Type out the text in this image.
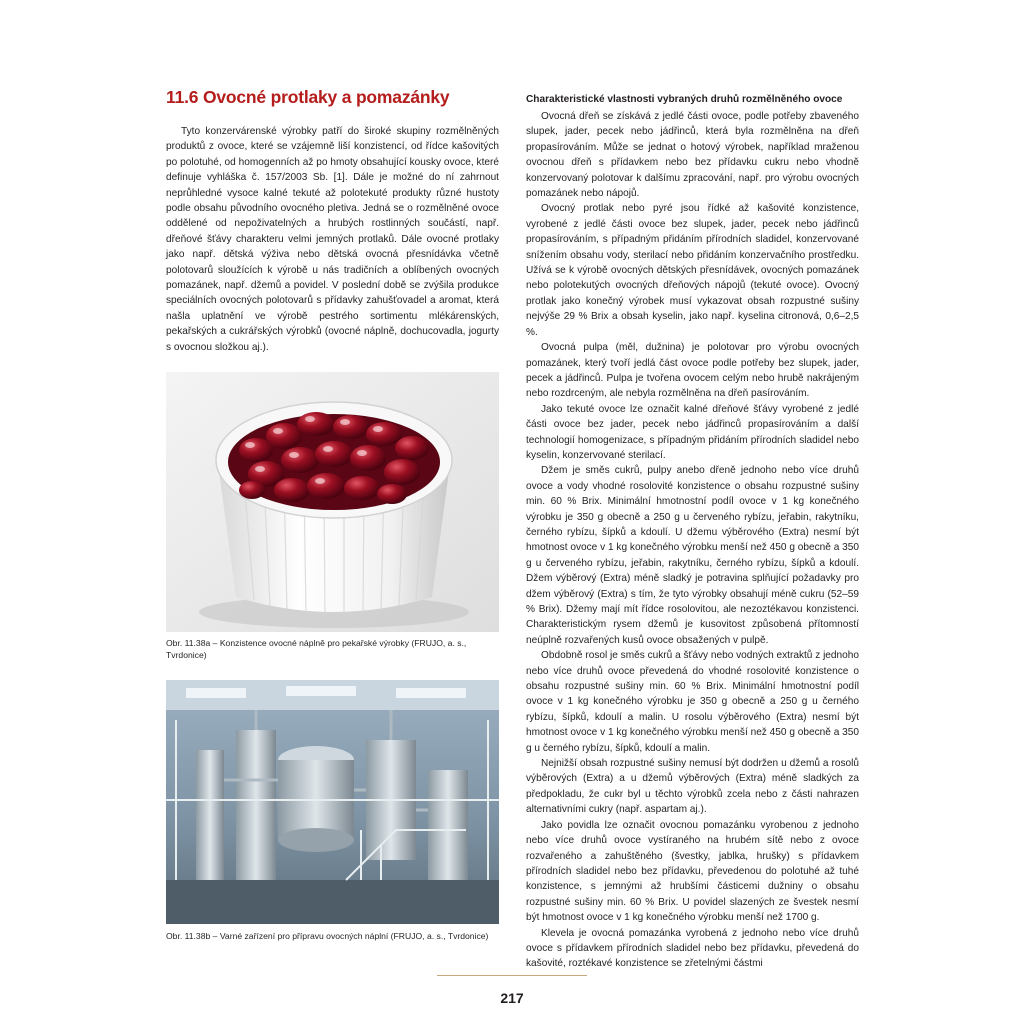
11.6 Ovocné protlaky a pomazánky

Tyto konzervárenské výrobky patří do široké skupiny rozmělněných produktů z ovoce, které se vzájemně liší konzistencí, od řídce kašovitých po polotuhé, od homogenních až po hmoty obsahující kousky ovoce, které definuje vyhláška č. 157/2003 Sb. [1]. Dále je možné do ní zahrnout neprůhledné vysoce kalné tekuté až polotekuté produkty různé hustoty podle obsahu původního ovocného pletiva. Jedná se o rozmělněné ovoce oddělené od nepoživatelných a hrubých rostlinných součástí, např. dřeňové šťávy charakteru velmi jemných protlaků. Dále ovocné protlaky jako např. dětská výživa nebo dětská ovocná přesnídávka včetně polotovarů sloužících k výrobě u nás tradičních a oblíbených ovocných pomazánek, např. džemů a povidel. V poslední době se zvýšila produkce speciálních ovocných polotovarů s přídavky zahušťovadel a aromat, která našla uplatnění ve výrobě pestrého sortimentu mlékárenských, pekařských a cukrářských výrobků (ovocné náplně, dochucovadla, jogurty s ovocnou složkou aj.).

Obr. 11.38a – Konzistence ovocné náplně pro pekařské výrobky (FRUJO, a. s., Tvrdonice)
Obr. 11.38b – Varné zařízení pro přípravu ovocných náplní (FRUJO, a. s., Tvrdonice)
Charakteristické vlastnosti vybraných druhů rozmělněného ovoce

Ovocná dřeň se získává z jedlé části ovoce, podle potřeby zbaveného slupek, jader, pecek nebo jádřinců, která byla rozmělněna na dřeň propasírováním. Může se jednat o hotový výrobek, například mraženou ovocnou dřeň s přídavkem nebo bez přídavku cukru nebo vhodně konzervovaný polotovar k dalšímu zpracování, např. pro výrobu ovocných pomazánek nebo nápojů.

Ovocný protlak nebo pyré jsou řídké až kašovité konzistence, vyrobené z jedlé části ovoce bez slupek, jader, pecek nebo jádřinců propasírováním, s případným přidáním přírodních sladidel, konzervované snížením obsahu vody, sterilací nebo přidáním konzervačního prostředku. Užívá se k výrobě ovocných dětských přesnídávek, ovocných pomazánek nebo polotekutých ovocných dřeňových nápojů (tekuté ovoce). Ovocný protlak jako konečný výrobek musí vykazovat obsah rozpustné sušiny nejvýše 29 % Brix a obsah kyselin, jako např. kyselina citronová, 0,6–2,5 %.

Ovocná pulpa (měl, dužnina) je polotovar pro výrobu ovocných pomazánek, který tvoří jedlá část ovoce podle potřeby bez slupek, jader, pecek a jádřinců. Pulpa je tvořena ovocem celým nebo hrubě nakrájeným nebo rozdrceným, ale nebyla rozmělněna na dřeň pasírováním.

Jako tekuté ovoce lze označit kalné dřeňové šťávy vyrobené z jedlé části ovoce bez jader, pecek nebo jádřinců propasírováním a další technologií homogenizace, s případným přidáním přírodních sladidel nebo kyselin, konzervované sterilací.

Džem je směs cukrů, pulpy anebo dřeně jednoho nebo více druhů ovoce a vody vhodné rosolovité konzistence o obsahu rozpustné sušiny min. 60 % Brix. Minimální hmotnostní podíl ovoce v 1 kg konečného výrobku je 350 g obecně a 250 g u červeného rybízu, jeřabin, rakytníku, černého rybízu, šípků a kdoulí. U džemu výběrového (Extra) nesmí být hmotnost ovoce v 1 kg konečného výrobku menší než 450 g obecně a 350 g u červeného rybízu, jeřabin, rakytníku, černého rybízu, šípků a kdoulí. Džem výběrový (Extra) méně sladký je potravina splňující požadavky pro džem výběrový (Extra) s tím, že tyto výrobky obsahují méně cukru (52–59 % Brix). Džemy mají mít řídce rosolovitou, ale nezoztékavou konzistenci. Charakteristickým rysem džemů je kusovitost způsobená přítomností neúplně rozvařených kusů ovoce obsažených v pulpě.

Obdobně rosol je směs cukrů a šťávy nebo vodných extraktů z jednoho nebo více druhů ovoce převedená do vhodné rosolovité konzistence o obsahu rozpustné sušiny min. 60 % Brix. Minimální hmotnostní podíl ovoce v 1 kg konečného výrobku je 350 g obecně a 250 g u černého rybízu, šípků, kdoulí a malin. U rosolu výběrového (Extra) nesmí být hmotnost ovoce v 1 kg konečného výrobku menší než 450 g obecně a 350 g u černého rybízu, šípků, kdoulí a malin.

Nejnižší obsah rozpustné sušiny nemusí být dodržen u džemů a rosolů výběrových (Extra) a u džemů výběrových (Extra) méně sladkých za předpokladu, že cukr byl u těchto výrobků zcela nebo z části nahrazen alternativními cukry (např. aspartam aj.).

Jako povidla lze označit ovocnou pomazánku vyrobenou z jednoho nebo více druhů ovoce vystíraného na hrubém sítě nebo z ovoce rozvařeného a zahuštěného (švestky, jablka, hrušky) s přídavkem přírodních sladidel nebo bez přídavku, převedenou do polotuhé až tuhé konzistence, s jemnými až hrubšími částicemi dužniny o obsahu rozpustné sušiny min. 60 % Brix. U povidel slazených ze švestek nesmí být hmotnost ovoce v 1 kg konečného výrobku menší než 1700 g.

Klevela je ovocná pomazánka vyrobená z jednoho nebo více druhů ovoce s přídavkem přírodních sladidel nebo bez přídavku, převedená do kašovité, roztékavé konzistence se zřetelnými částmi

217
